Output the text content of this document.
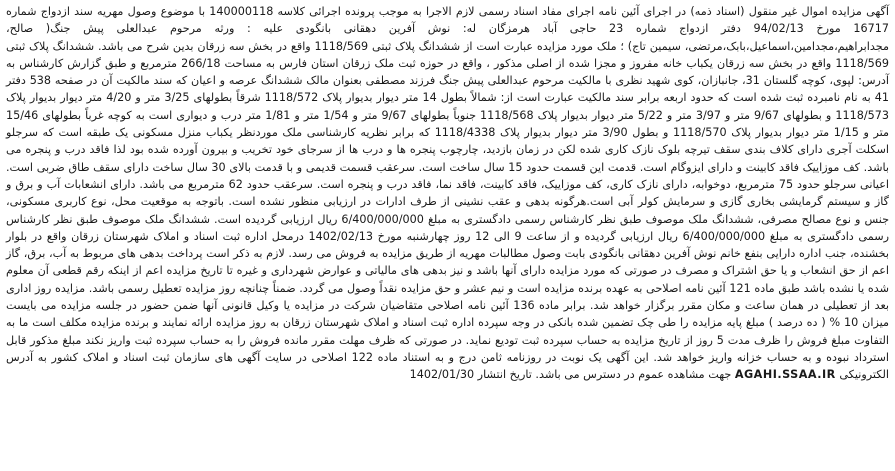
آگهی مزایده اموال غیر منقول (اسناد ذمه) در اجرای آئین نامه اجرای مفاد اسناد رسمی لازم الاجرا به موجب پرونده اجرائی کلاسه 140000118 با موضوع وصول مهریه سند ازدواج شماره 16717 مورخ 94/02/13 دفتر ازدواج شماره 23 حاجی آباد هرمزگان له: نوش آفرین دهقانی بانگودی علیه : ورثه مرحوم عبدالعلی پیش جنگ( صالح، مجدابراهیم،مجدامین،اسماعیل،بابک،مرتضی، سیمین تاج) ؛ ملک مورد مزایده عبارت است از ششدانگ پلاک ثبتی 1118/569 واقع در بخش سه زرقان بدین شرح می باشد. ششدانگ پلاک ثبتی 1118/569 واقع در بخش سه زرقان یکباب خانه مفروز و مجزا شده از اصلی مذکور ، واقع در حوزه ثبت ملک زرقان استان فارس به مساحت 266/18 مترمربع و طبق گزارش کارشناس به آدرس: لپوی، کوچه گلستان 31، جانبازان، کوی شهید نظری با مالکیت مرحوم عبدالعلی پیش جنگ فرزند مصطفی بعنوان مالک ششدانگ عرصه و اعیان که سند مالکیت آن در صفحه 538 دفتر 41 به نام نامبرده ثبت شده است که حدود اربعه برابر سند مالکیت عبارت است از: شمالاً بطول 14 متر دیوار بدیوار پلاک 1118/572 شرقاً بطولهای 3/25 متر و 4/20 متر دیوار بدیوار پلاک 1118/573 و بطولهای 9/67 متر و 3/97 متر و 5/22 متر دیوار بدیوار پلاک 1118/568 جنوباً بطولهای 9/67 متر و 1/54 متر و 1/81 متر درب و دیواری است به کوچه غرباً بطولهای 15/46 متر و 1/15 متر دیوار بدیوار پلاک 1118/570 و بطول 3/90 متر دیوار بدیوار پلاک 1118/4338 که برابر نظریه کارشناسی ملک موردنظر یکباب منزل مسکونی یک طبقه است که سرجلو اسکلت آجری دارای کلاف بندی سقف تیرچه بلوک نازک کاری شده لکن در زمان بازدید، چارچوب پنجره ها و درب ها از سرجای خود تخریب و بیرون آورده شده بود لذا فاقد درب و پنجره می باشد. کف موزاییک فاقد کابینت و دارای ایزوگام است. قدمت این قسمت حدود 15 سال ساخت است. سرعقب قسمت قدیمی و با قدمت بالای 30 سال ساخت دارای سقف طاق ضربی است. اعیانی سرجلو حدود 75 مترمربع، دوخوابه، دارای نازک کاری، کف موزاییک، فاقد کابینت، فاقد نما، فاقد درب و پنجره است. سرعقب حدود 62 مترمربع می باشد. دارای انشعابات آب و برق و گاز و سیستم گرمایشی بخاری گازی و سرمایش کولر آبی است.هرگونه بدهی و عقب نشینی از طرف ادارات در ارزیابی منظور نشده است. باتوجه به موقعیت محل، نوع کاربری مسکونی، جنس و نوع مصالح مصرفی، ششدانگ ملک موصوف طبق نظر کارشناس رسمی دادگستری به مبلغ 6/400/000/000 ریال ارزیابی گردیده است. ششدانگ ملک موصوف طبق نظر کارشناس رسمی دادگستری به مبلغ 6/400/000/000 ریال ارزیابی گردیده و از ساعت 9 الی 12 روز چهارشنبه مورخ 1402/02/13 درمحل اداره ثبت اسناد و املاک شهرستان زرقان واقع در بلوار بخشنده، جنب اداره دارایی بنفع خانم نوش آفرین دهقانی بانگودی بابت وصول مطالبات مهریه از طریق مزایده به فروش می رسد. لازم به ذکر است پرداخت بدهی های مربوط به آب، برق، گاز اعم از حق انشعاب و یا حق اشتراک و مصرف در صورتی که مورد مزایده دارای آنها باشد و نیز بدهی های مالیاتی و عوارض شهرداری و غیره تا تاریخ مزایده اعم از اینکه رقم قطعی آن معلوم شده یا نشده باشد طبق ماده 121 آئین نامه اصلاحی به عهده برنده مزایده است و نیم عشر و حق مزایده نقداً وصول می گردد. ضمناً چنانچه روز مزایده تعطیل رسمی باشد. مزایده روز اداری بعد از تعطیلی در همان ساعت و مکان مقرر برگزار خواهد شد. برابر ماده 136 آئین نامه اصلاحی متقاضیان شرکت در مزایده یا وکیل قانونی آنها ضمن حضور در جلسه مزایده می بایست میزان 10 % ( ده درصد ) مبلغ پایه مزایده را طی چک تضمین شده بانکی در وجه سپرده اداره ثبت اسناد و املاک شهرستان زرقان به روز مزایده ارائه نمایند و برنده مزایده مکلف است ما به التفاوت مبلغ فروش را ظرف مدت 5 روز از تاریخ مزایده به حساب سپرده ثبت توديع نمايد. در صورتی که ظرف مهلت مقرر مانده فروش را به حساب سپرده ثبت واریز نکند مبلغ مذکور قابل استرداد نبوده و به حساب خزانه واریز خواهد شد. این آگهی یک نوبت در روزنامه ثامن درج و به استناد ماده 122 اصلاحی در سایت آگهی های سازمان ثبت اسناد و املاک کشور به آدرس الکترونیکی AGAHI.SSAA.IR جهت مشاهده عموم در دسترس می باشد. تاریخ انتشار 1402/01/30
